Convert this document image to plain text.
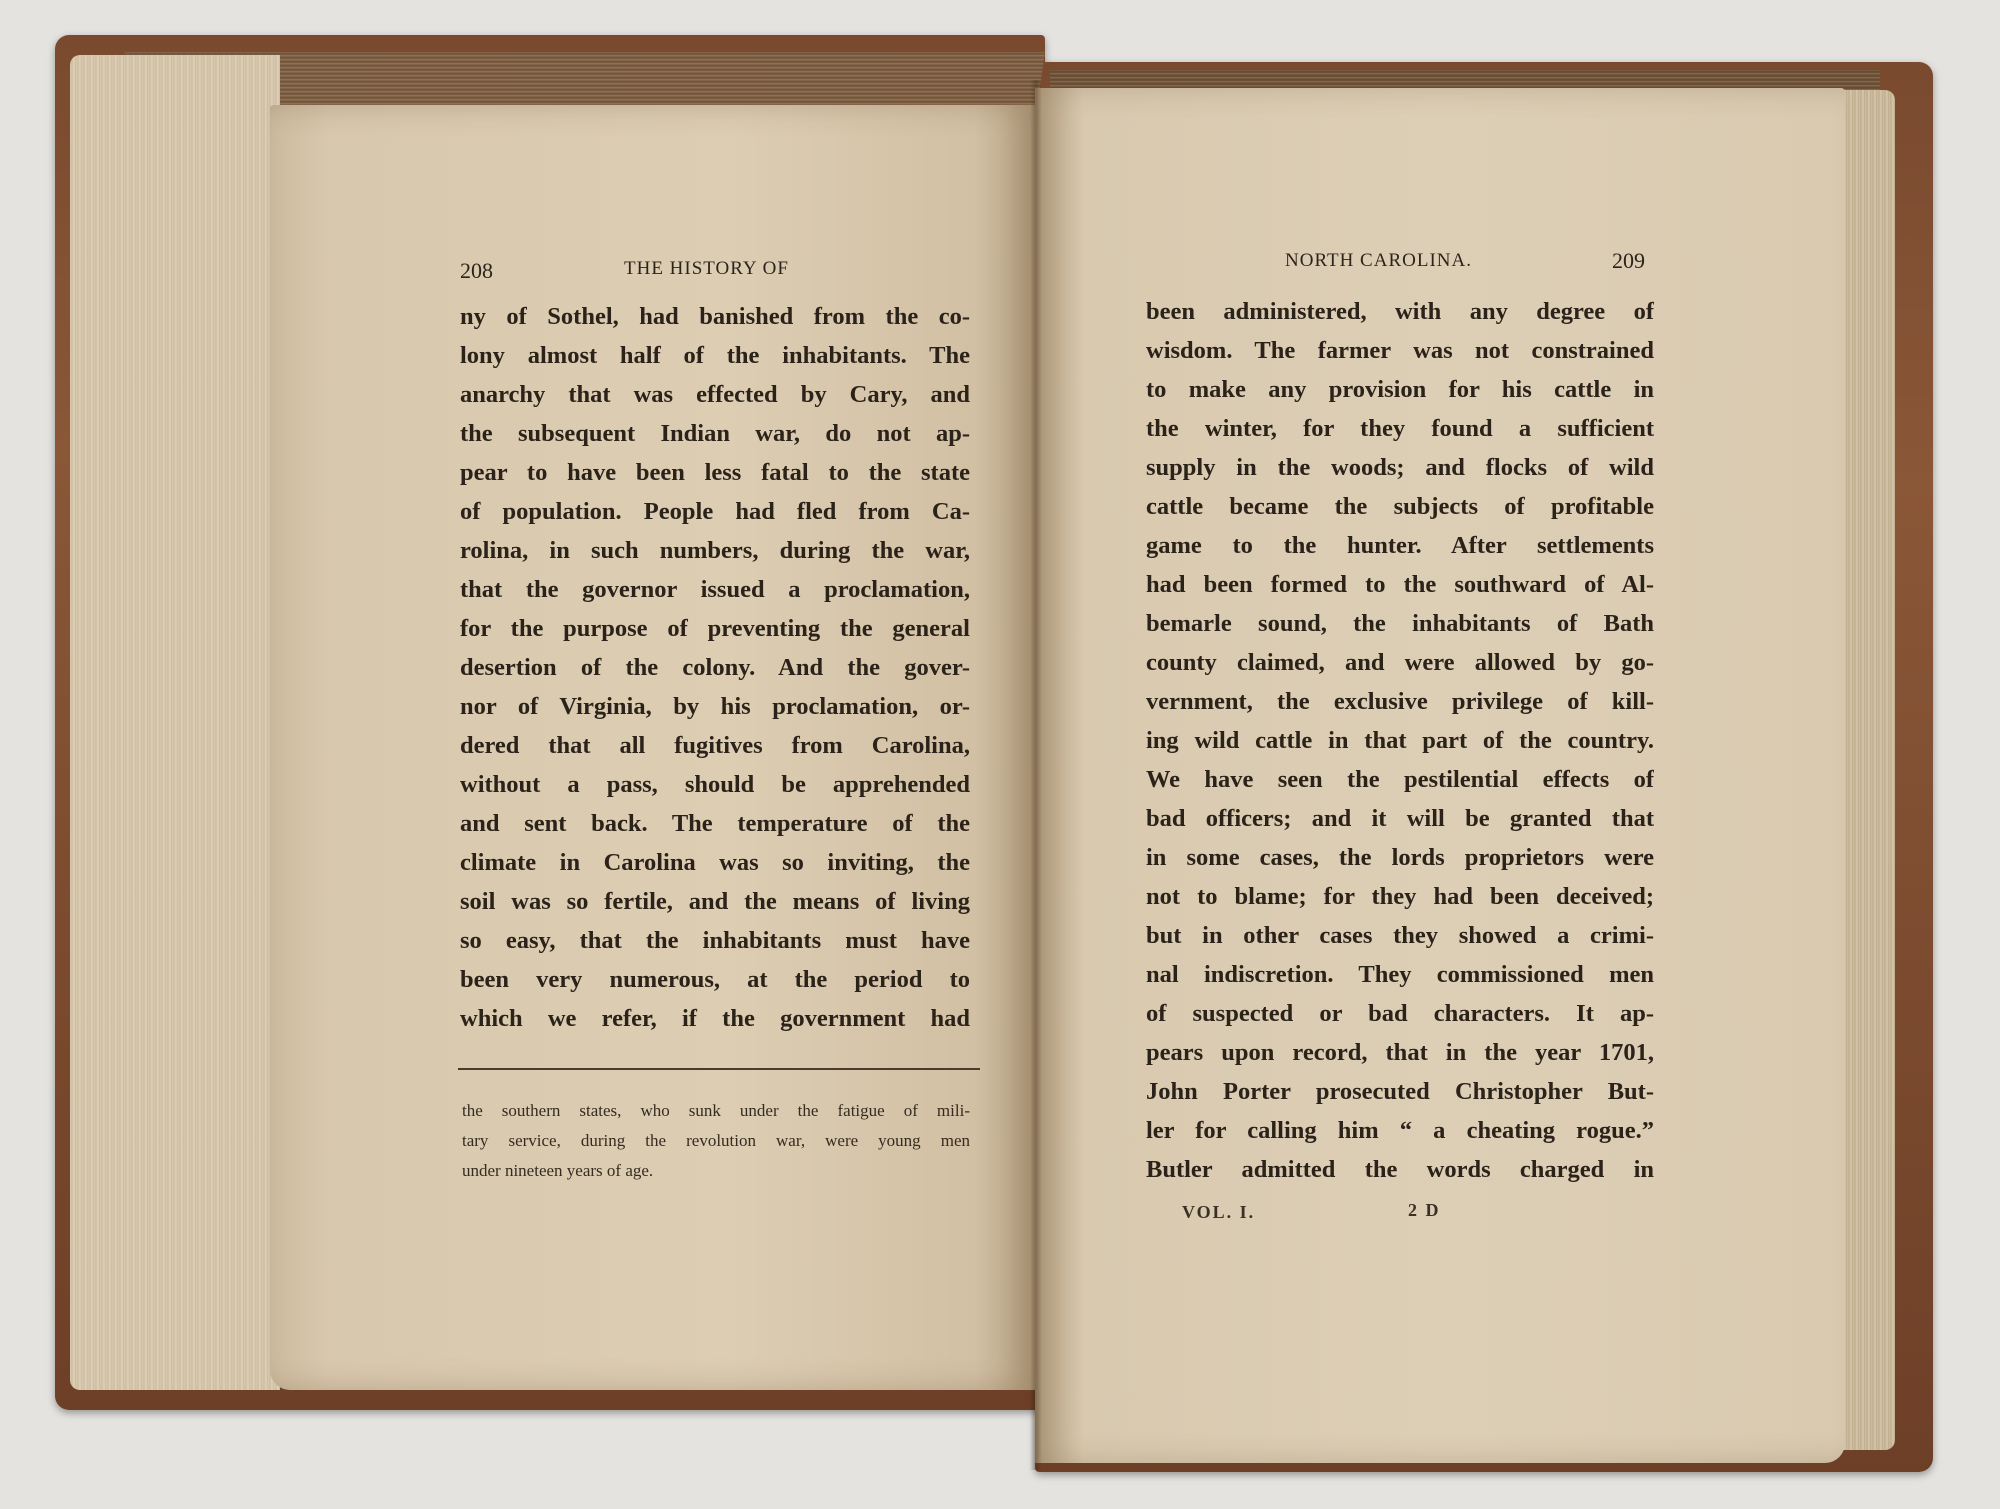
208	THE HISTORY OF
ny of Sothel, had banished from the co-
lony almost half of the inhabitants. The
anarchy that was effected by Cary, and
the subsequent Indian war, do not ap-
pear to have been less fatal to the state
of population. People had fled from Ca-
rolina, in such numbers, during the war,
that the governor issued a proclamation,
for the purpose of preventing the general
desertion of the colony. And the gover-
nor of Virginia, by his proclamation, or-
dered that all fugitives from Carolina,
without a pass, should be apprehended
and sent back. The temperature of the
climate in Carolina was so inviting, the
soil was so fertile, and the means of living
so easy, that the inhabitants must have
been very numerous, at the period to
which we refer, if the government had
the southern states, who sunk under the fatigue of mili-
tary service, during the revolution war, were young men
under nineteen years of age.
NORTH CAROLINA.	209
been administered, with any degree of
wisdom. The farmer was not constrained
to make any provision for his cattle in
the winter, for they found a sufficient
supply in the woods; and flocks of wild
cattle became the subjects of profitable
game to the hunter. After settlements
had been formed to the southward of Al-
bemarle sound, the inhabitants of Bath
county claimed, and were allowed by go-
vernment, the exclusive privilege of kill-
ing wild cattle in that part of the country.
We have seen the pestilential effects of
bad officers; and it will be granted that
in some cases, the lords proprietors were
not to blame; for they had been deceived;
but in other cases they showed a crimi-
nal indiscretion. They commissioned men
of suspected or bad characters. It ap-
pears upon record, that in the year 1701,
John Porter prosecuted Christopher But-
ler for calling him “ a cheating rogue.”
Butler admitted the words charged in
VOL. I.	2 D
